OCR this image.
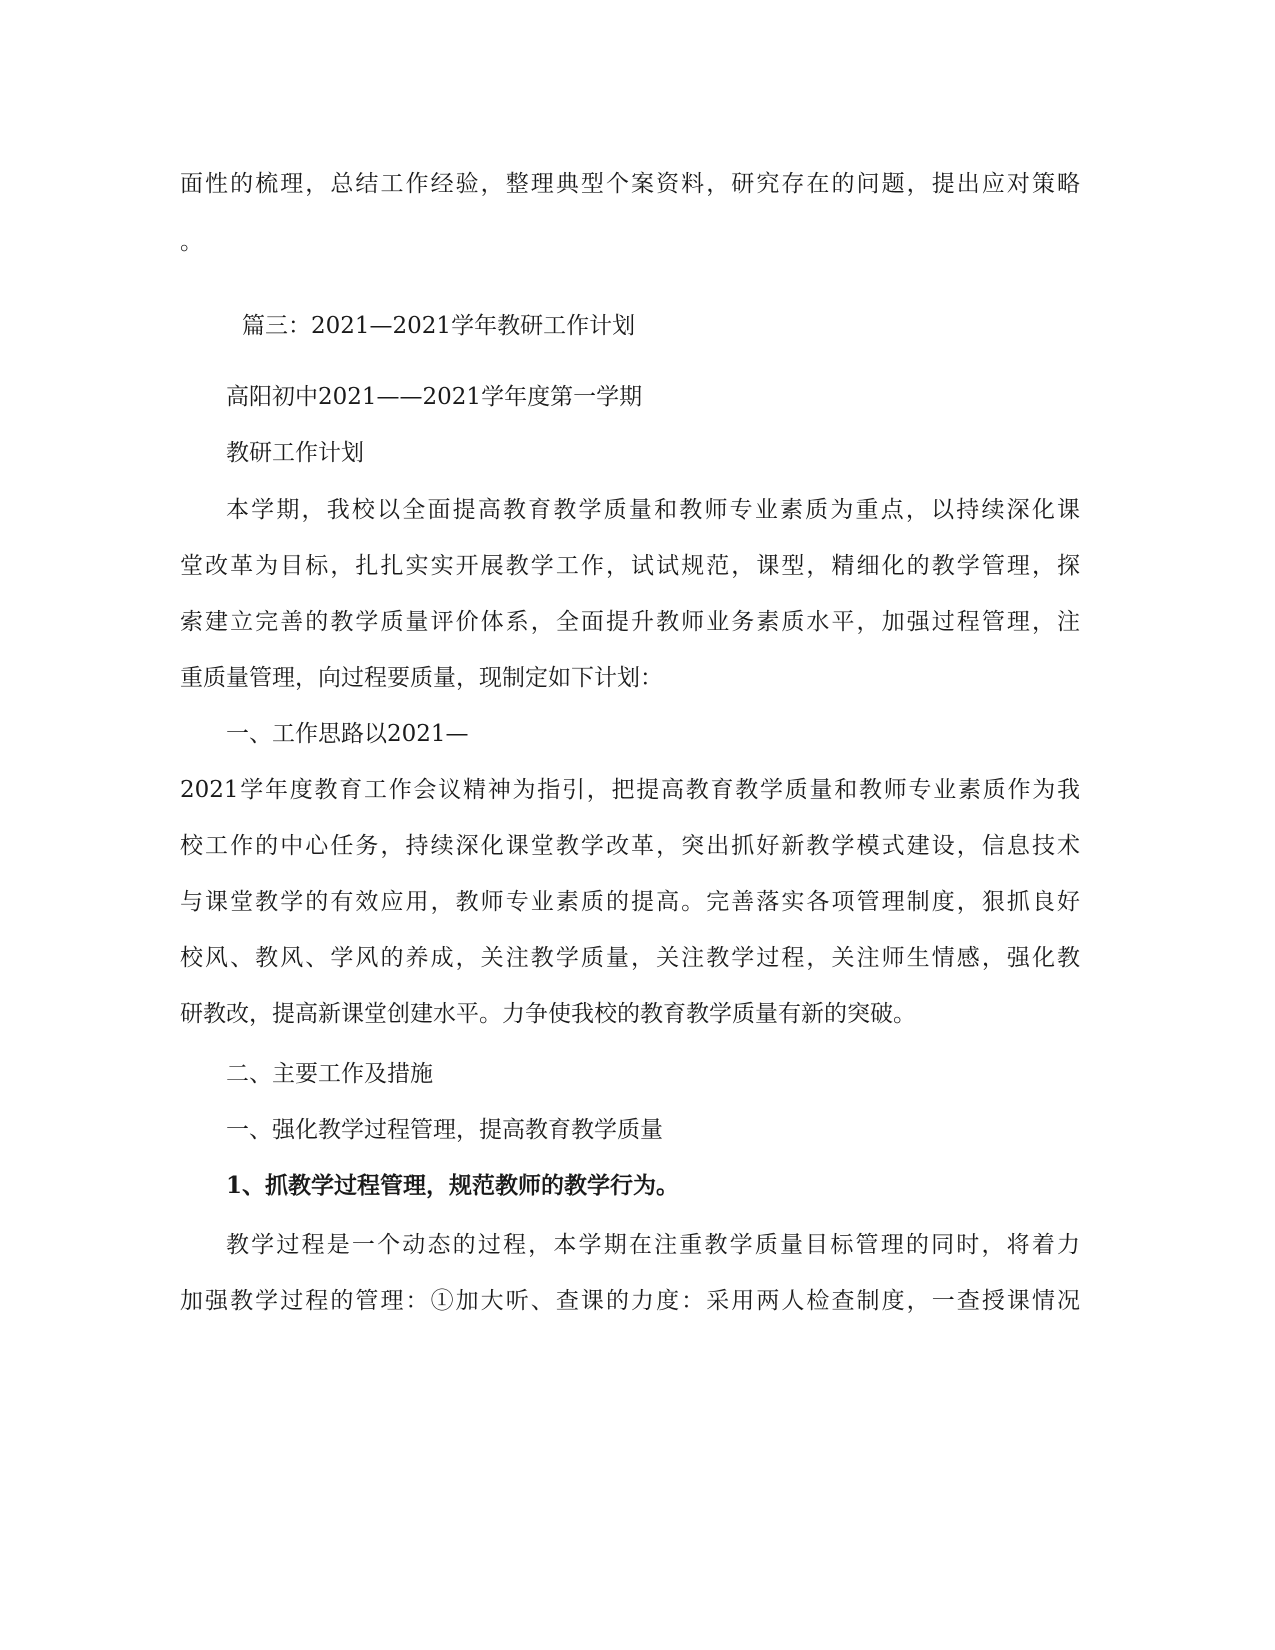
面性的梳理，总结工作经验，整理典型个案资料，研究存在的问题，提出应对策略
。
篇三：2021—2021学年教研工作计划
高阳初中2021——2021学年度第一学期
教研工作计划
本学期，我校以全面提高教育教学质量和教师专业素质为重点，以持续深化课
堂改革为目标，扎扎实实开展教学工作，试试规范，课型，精细化的教学管理，探
索建立完善的教学质量评价体系，全面提升教师业务素质水平，加强过程管理，注
重质量管理，向过程要质量，现制定如下计划：
一、工作思路以2021—
2021学年度教育工作会议精神为指引，把提高教育教学质量和教师专业素质作为我
校工作的中心任务，持续深化课堂教学改革，突出抓好新教学模式建设，信息技术
与课堂教学的有效应用，教师专业素质的提高。完善落实各项管理制度，狠抓良好
校风、教风、学风的养成，关注教学质量，关注教学过程，关注师生情感，强化教
研教改，提高新课堂创建水平。力争使我校的教育教学质量有新的突破。
二、主要工作及措施
一、强化教学过程管理，提高教育教学质量
1、抓教学过程管理，规范教师的教学行为。
教学过程是一个动态的过程，本学期在注重教学质量目标管理的同时，将着力
加强教学过程的管理：①加大听、查课的力度：采用两人检查制度，一查授课情况
